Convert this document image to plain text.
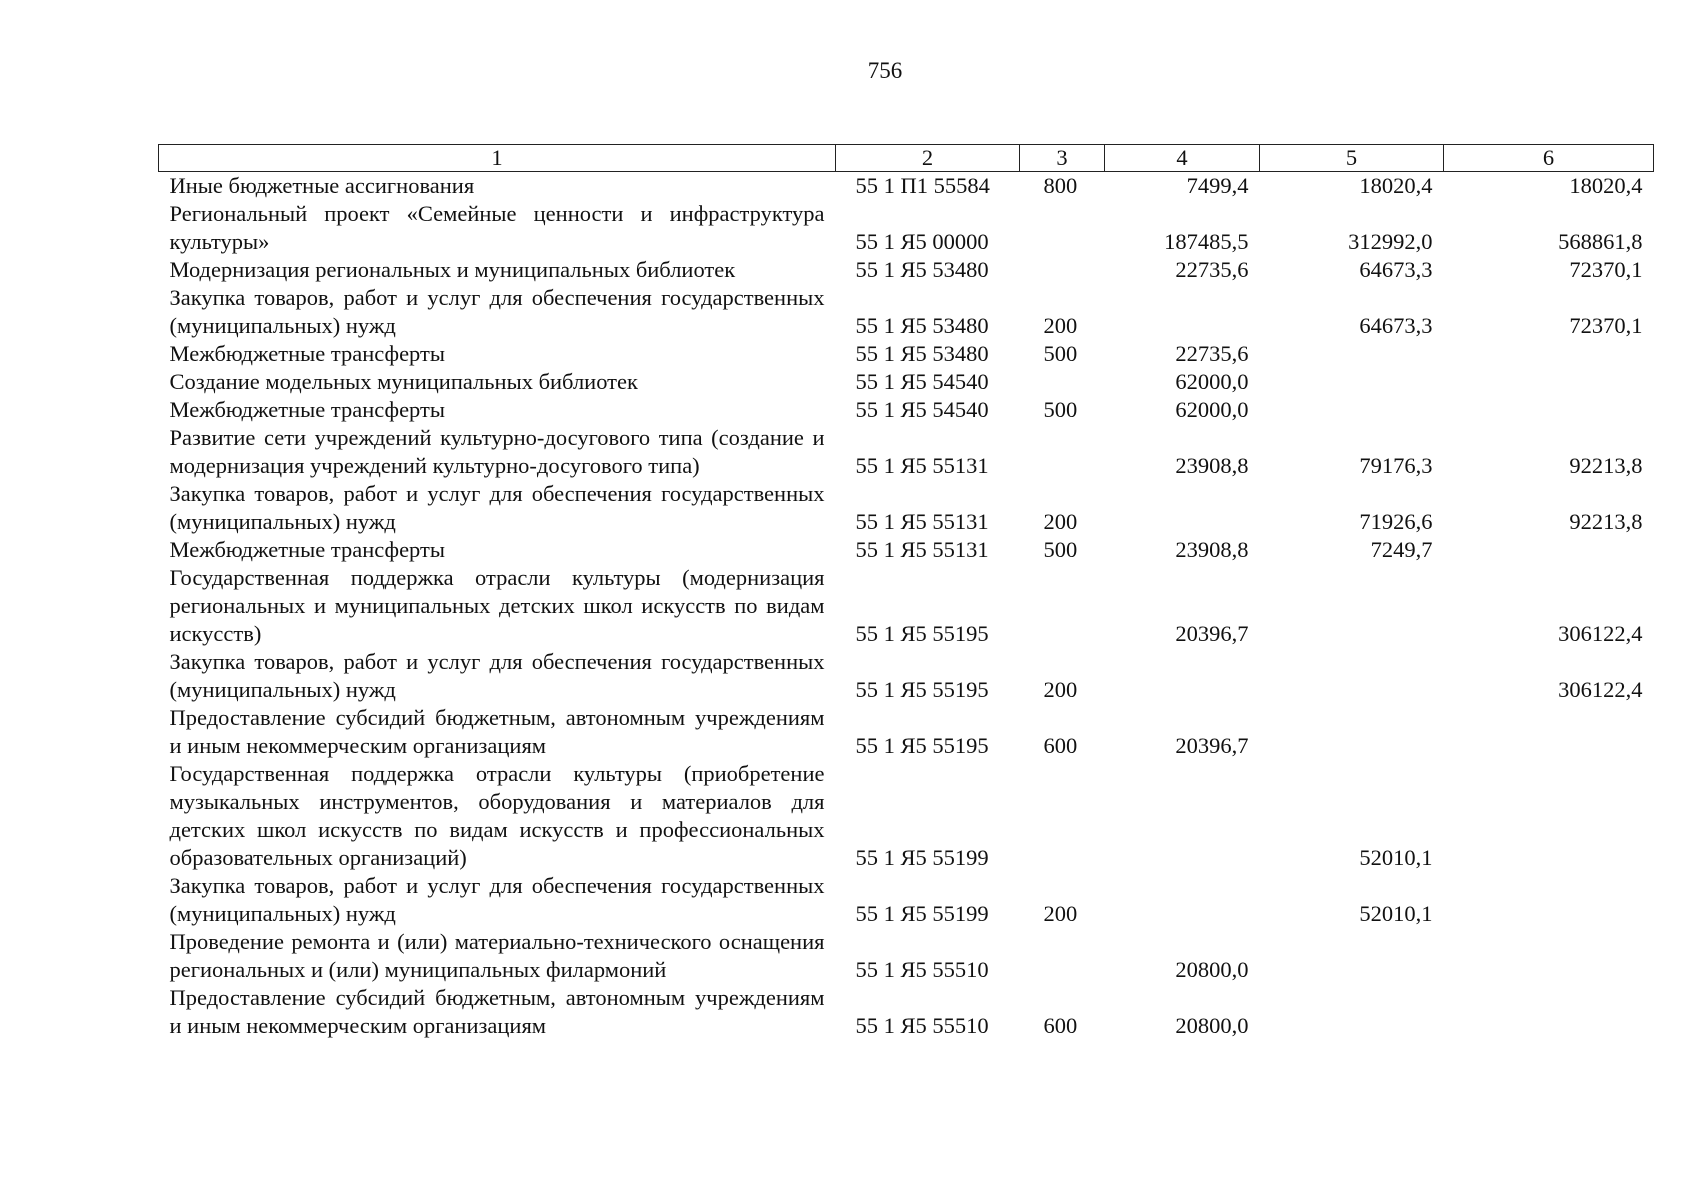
756
1	2	3	4	5	6
Иные бюджетные ассигнования	55 1 П1 55584	800	7499,4	18020,4	18020,4
Региональный проект «Семейные ценности и инфраструктура культуры»	55 1 Я5 00000		187485,5	312992,0	568861,8
Модернизация региональных и муниципальных библиотек	55 1 Я5 53480		22735,6	64673,3	72370,1
Закупка товаров, работ и услуг для обеспечения государственных (муниципальных) нужд	55 1 Я5 53480	200		64673,3	72370,1
Межбюджетные трансферты	55 1 Я5 53480	500	22735,6		
Создание модельных муниципальных библиотек	55 1 Я5 54540		62000,0		
Межбюджетные трансферты	55 1 Я5 54540	500	62000,0		
Развитие сети учреждений культурно-досугового типа (создание и модернизация учреждений культурно-досугового типа)	55 1 Я5 55131		23908,8	79176,3	92213,8
Закупка товаров, работ и услуг для обеспечения государственных (муниципальных) нужд	55 1 Я5 55131	200		71926,6	92213,8
Межбюджетные трансферты	55 1 Я5 55131	500	23908,8	7249,7	
Государственная поддержка отрасли культуры (модернизация региональных и муниципальных детских школ искусств по видам искусств)	55 1 Я5 55195		20396,7		306122,4
Закупка товаров, работ и услуг для обеспечения государственных (муниципальных) нужд	55 1 Я5 55195	200			306122,4
Предоставление субсидий бюджетным, автономным учреждениям и иным некоммерческим организациям	55 1 Я5 55195	600	20396,7		
Государственная поддержка отрасли культуры (приобретение музыкальных инструментов, оборудования и материалов для детских школ искусств по видам искусств и профессиональных образовательных организаций)	55 1 Я5 55199			52010,1	
Закупка товаров, работ и услуг для обеспечения государственных (муниципальных) нужд	55 1 Я5 55199	200		52010,1	
Проведение ремонта и (или) материально-технического оснащения региональных и (или) муниципальных филармоний	55 1 Я5 55510		20800,0		
Предоставление субсидий бюджетным, автономным учреждениям и иным некоммерческим организациям	55 1 Я5 55510	600	20800,0		
